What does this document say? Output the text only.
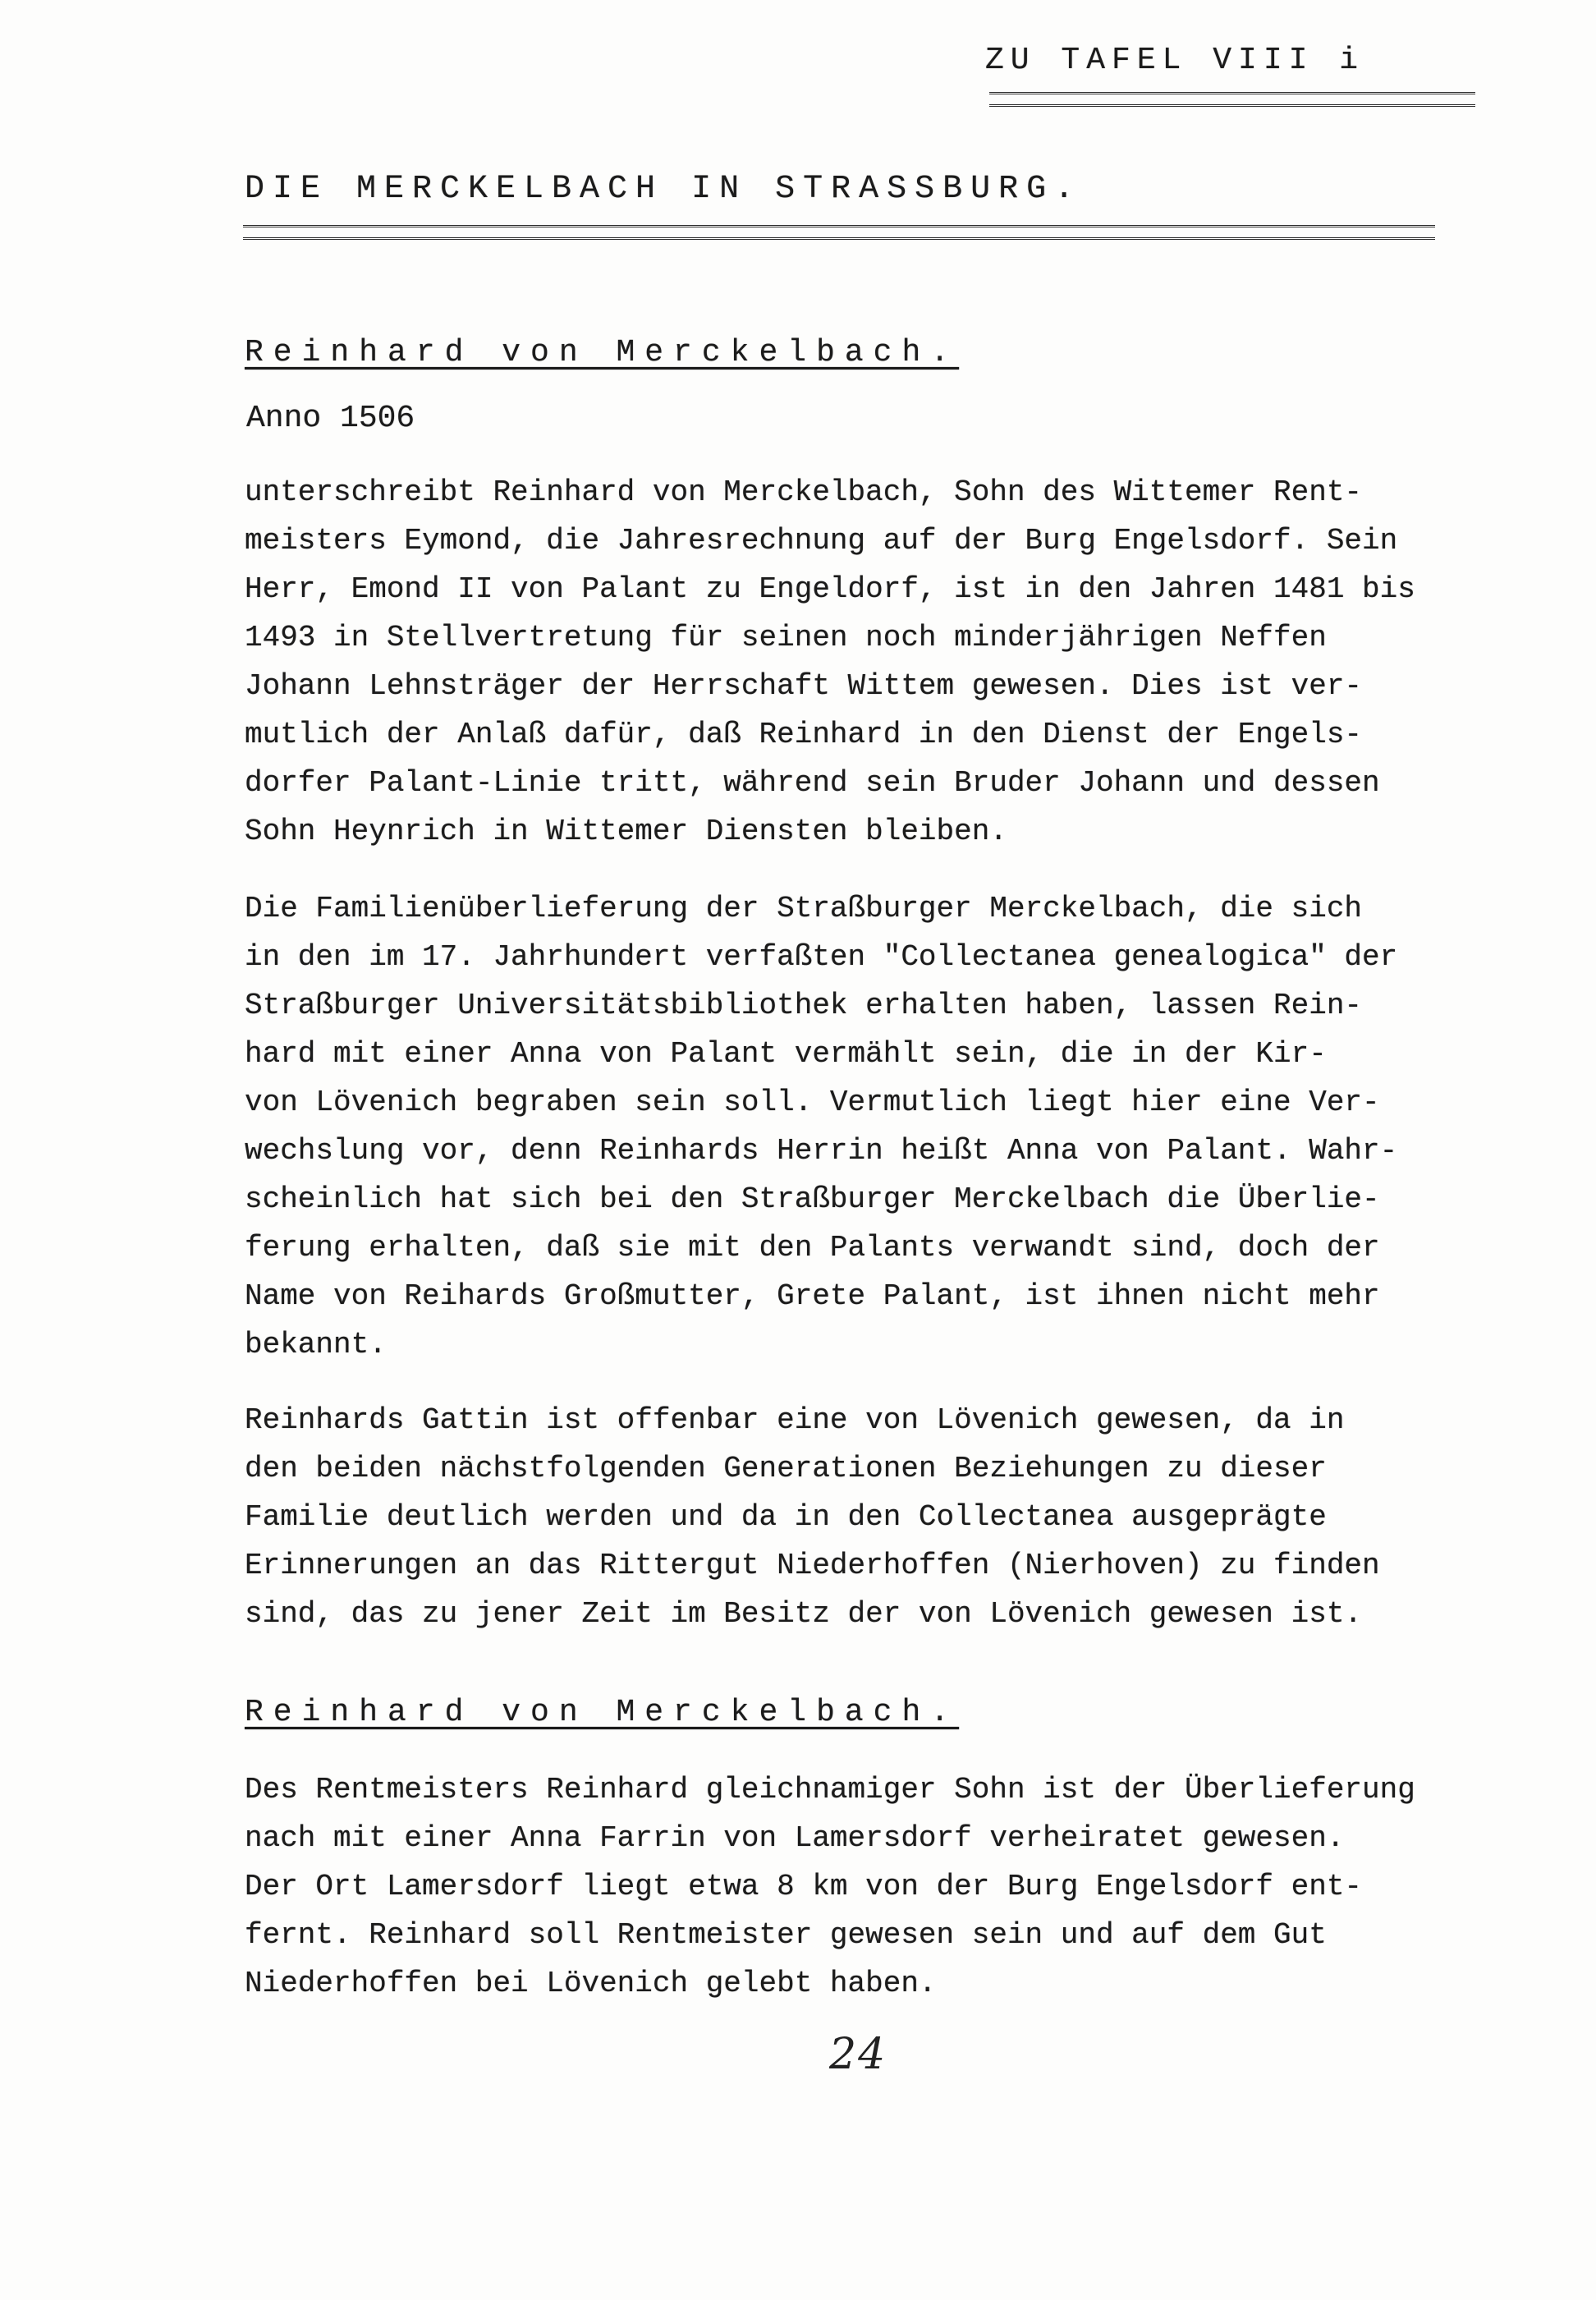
ZU TAFEL VIII i
DIE MERCKELBACH IN STRASSBURG.
Reinhard von Merckelbach.
Anno 1506
unterschreibt Reinhard von Merckelbach, Sohn des Wittemer Rent-
meisters Eymond, die Jahresrechnung auf der Burg Engelsdorf. Sein
Herr, Emond II von Palant zu Engeldorf, ist in den Jahren 1481 bis
1493 in Stellvertretung für seinen noch minderjährigen Neffen
Johann Lehnsträger der Herrschaft Wittem gewesen. Dies ist ver-
mutlich der Anlaß dafür, daß Reinhard in den Dienst der Engels-
dorfer Palant-Linie tritt, während sein Bruder Johann und dessen
Sohn Heynrich in Wittemer Diensten bleiben.
Die Familienüberlieferung der Straßburger Merckelbach, die sich
in den im 17. Jahrhundert verfaßten "Collectanea genealogica" der
Straßburger Universitätsbibliothek erhalten haben, lassen Rein-
hard mit einer Anna von Palant vermählt sein, die in der Kir-
von Lövenich begraben sein soll. Vermutlich liegt hier eine Ver-
wechslung vor, denn Reinhards Herrin heißt Anna von Palant. Wahr-
scheinlich hat sich bei den Straßburger Merckelbach die Überlie-
ferung erhalten, daß sie mit den Palants verwandt sind, doch der
Name von Reihards Großmutter, Grete Palant, ist ihnen nicht mehr
bekannt.
Reinhards Gattin ist offenbar eine von Lövenich gewesen, da in
den beiden nächstfolgenden Generationen Beziehungen zu dieser
Familie deutlich werden und da in den Collectanea ausgeprägte
Erinnerungen an das Rittergut Niederhoffen (Nierhoven) zu finden
sind, das zu jener Zeit im Besitz der von Lövenich gewesen ist.
Reinhard von Merckelbach.
Des Rentmeisters Reinhard gleichnamiger Sohn ist der Überlieferung
nach mit einer Anna Farrin von Lamersdorf verheiratet gewesen.
Der Ort Lamersdorf liegt etwa 8 km von der Burg Engelsdorf ent-
fernt. Reinhard soll Rentmeister gewesen sein und auf dem Gut
Niederhoffen bei Lövenich gelebt haben.
24
